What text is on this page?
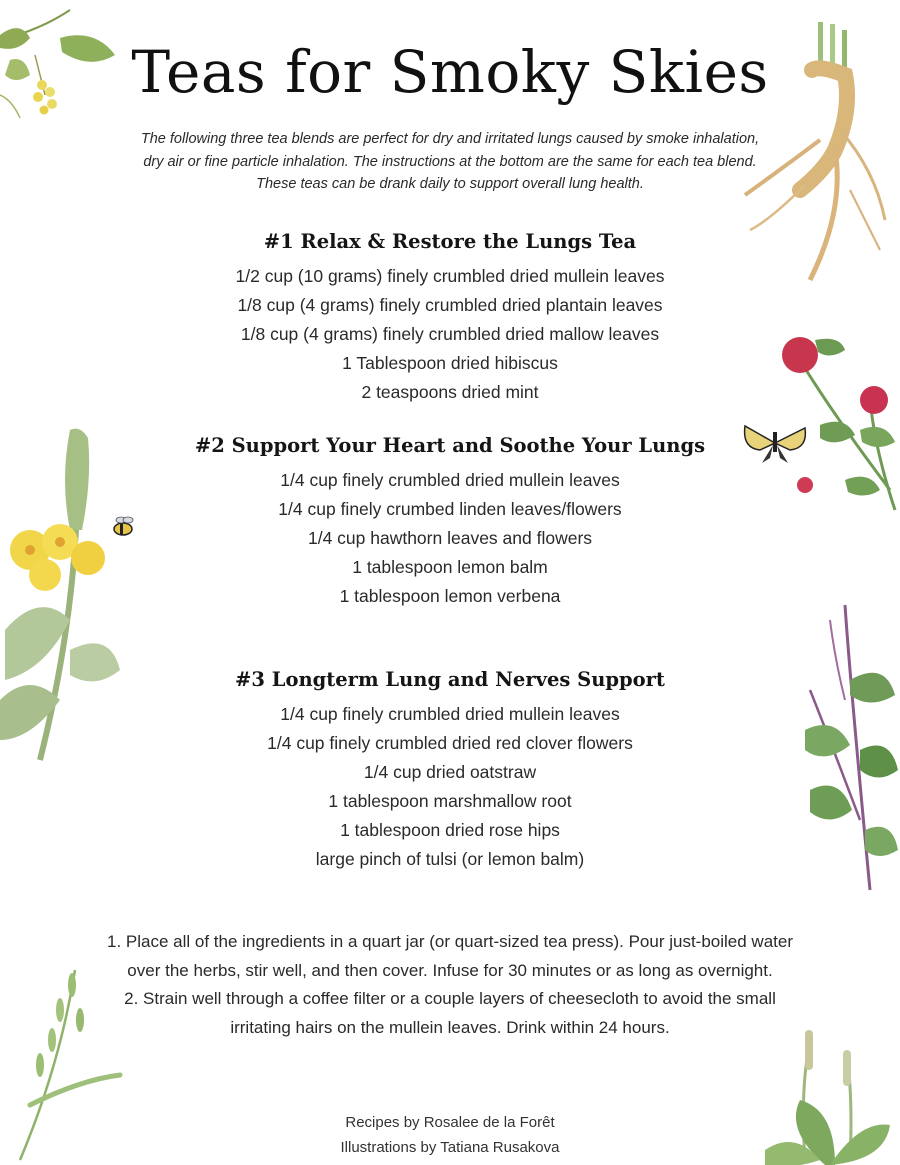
Teas for Smoky Skies
The following three tea blends are perfect for dry and irritated lungs caused by smoke inhalation,
dry air or fine particle inhalation. The instructions at the bottom are the same for each tea blend.
These teas can be drank daily to support overall lung health.
#1 Relax & Restore the Lungs Tea
1/2 cup (10 grams) finely crumbled dried mullein leaves
1/8 cup (4 grams) finely crumbled dried plantain leaves
1/8 cup (4 grams) finely crumbled dried mallow leaves
1 Tablespoon dried hibiscus
2 teaspoons dried mint
#2 Support Your Heart and Soothe Your Lungs
1/4 cup finely crumbled dried mullein leaves
1/4 cup finely crumbed linden leaves/flowers
1/4 cup hawthorn leaves and flowers
1 tablespoon lemon balm
1 tablespoon lemon verbena
#3 Longterm Lung and Nerves Support
1/4 cup finely crumbled dried mullein leaves
1/4 cup finely crumbled dried red clover flowers
1/4 cup dried oatstraw
1 tablespoon marshmallow root
1 tablespoon dried rose hips
large pinch of tulsi (or lemon balm)

1. Place all of the ingredients in a quart jar (or quart-sized tea press). Pour just-boiled water over the herbs, stir well, and then cover. Infuse for 30 minutes or as long as overnight.

2. Strain well through a coffee filter or a couple layers of cheesecloth to avoid the small irritating hairs on the mullein leaves. Drink within 24 hours.

Recipes by Rosalee de la Forêt
Illustrations by Tatiana Rusakova
